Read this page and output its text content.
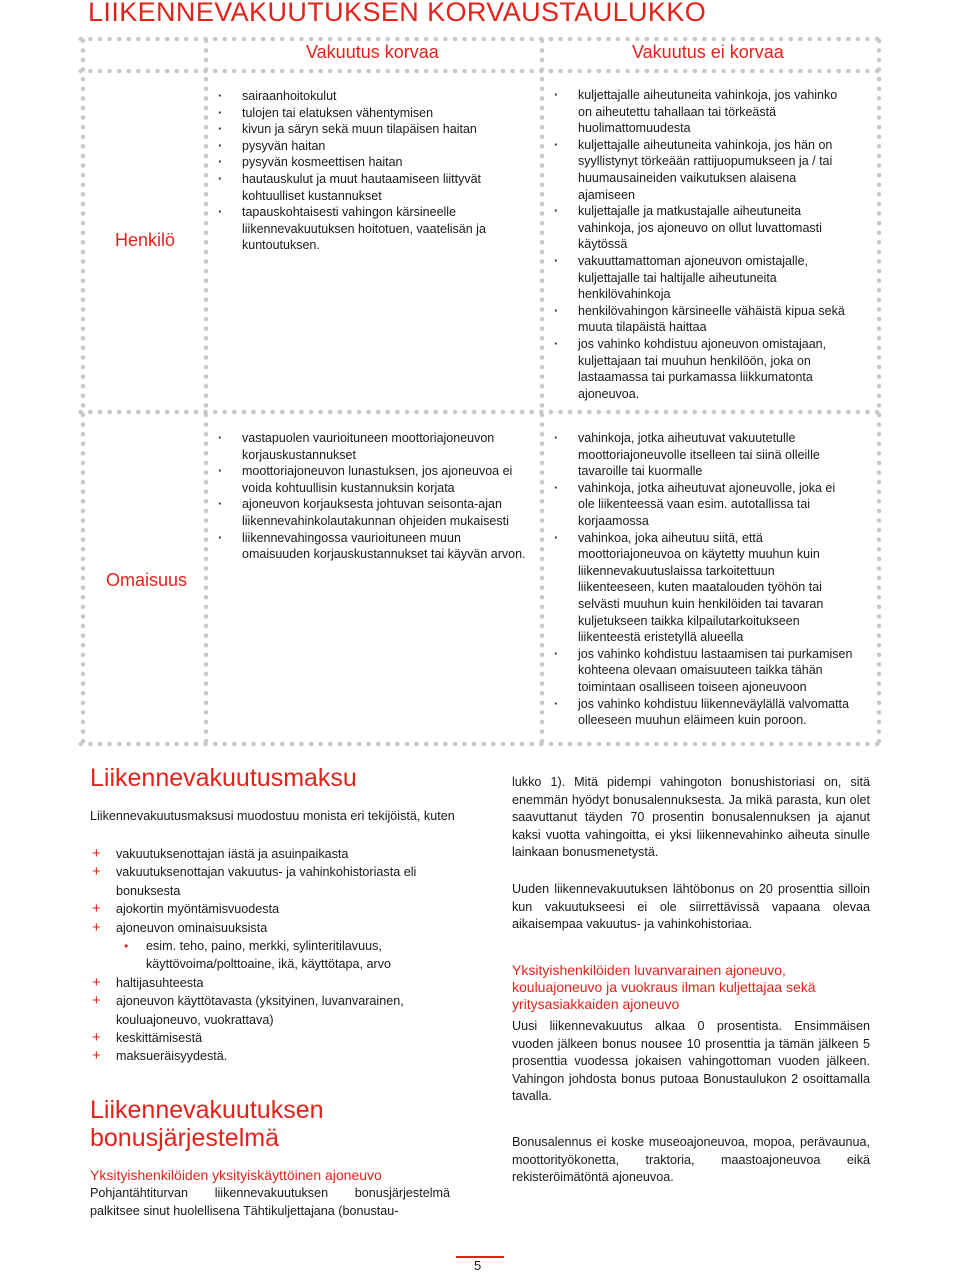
LIIKENNEVAKUUTUKSEN KORVAUSTAULUKKO
Vakuutus korvaa	Vakuutus ei korvaa
Henkilö
Omaisuus
· sairaanhoitokulut
· tulojen tai elatuksen vähentymisen
· kivun ja säryn sekä muun tilapäisen haitan
· pysyvän haitan
· pysyvän kosmeettisen haitan
· hautauskulut ja muut hautaamiseen liittyvät kohtuulliset kustannukset
· tapauskohtaisesti vahingon kärsineelle liikennevakuutuksen hoitotuen, vaatelisän ja kuntoutuksen.
· kuljettajalle aiheutuneita vahinkoja, jos vahinko on aiheutettu tahallaan tai törkeästä huolimattomuudesta
· kuljettajalle aiheutuneita vahinkoja, jos hän on syyllistynyt törkeään rattijuopumukseen ja / tai huumausaineiden vaikutuksen alaisena ajamiseen
· kuljettajalle ja matkustajalle aiheutuneita vahinkoja, jos ajoneuvo on ollut luvattomasti käytössä
· vakuuttamattoman ajoneuvon omistajalle, kuljettajalle tai haltijalle aiheutuneita henkilövahinkoja
· henkilövahingon kärsineelle vähäistä kipua sekä muuta tilapäistä haittaa
· jos vahinko kohdistuu ajoneuvon omistajaan, kuljettajaan tai muuhun henkilöön, joka on lastaamassa tai purkamassa liikkumatonta ajoneuvoa.
· vastapuolen vaurioituneen moottoriajoneuvon korjauskustannukset
· moottoriajoneuvon lunastuksen, jos ajoneuvoa ei voida kohtuullisin kustannuksin korjata
· ajoneuvon korjauksesta johtuvan seisonta-ajan liikennevahinkolautakunnan ohjeiden mukaisesti
· liikennevahingossa vaurioituneen muun omaisuuden korjauskustannukset tai käyvän arvon.
· vahinkoja, jotka aiheutuvat vakuutetulle moottoriajoneuvolle itselleen tai siinä olleille tavaroille tai kuormalle
· vahinkoja, jotka aiheutuvat ajoneuvolle, joka ei ole liikenteessä vaan esim. autotallissa tai korjaamossa
· vahinkoa, joka aiheutuu siitä, että moottoriajoneuvoa on käytetty muuhun kuin liikennevakuutuslaissa tarkoitettuun liikenteeseen, kuten maatalouden työhön tai selvästi muuhun kuin henkilöiden tai tavaran kuljetukseen taikka kilpailutarkoitukseen liikenteestä eristetyllä alueella
· jos vahinko kohdistuu lastaamisen tai purkamisen kohteena olevaan omaisuuteen taikka tähän toimintaan osalliseen toiseen ajoneuvoon
· jos vahinko kohdistuu liikenneväylällä valvomattа olleeseen muuhun eläimeen kuin poroon.
Liikennevakuutusmaksu

Liikennevakuutusmaksusi muodostuu monista eri tekijöistä, kuten

+ vakuutuksenottajan iästä ja asuinpaikasta
+ vakuutuksenottajan vakuutus- ja vahinkohistoriasta eli bonuksesta
+ ajokortin myöntämisvuodesta
+ ajoneuvon ominaisuuksista
• esim. teho, paino, merkki, sylinteritilavuus, käyttövoima/polttoaine, ikä, käyttötapa, arvo
+ haltijasuhteesta
+ ajoneuvon käyttötavasta (yksityinen, luvanvarainen, kouluajoneuvo, vuokrattava)
+ keskittämisestä
+ maksueräisyydestä.
Liikennevakuutuksen
bonusjärjestelmä
Yksityishenkilöiden yksityiskäyttöinen ajoneuvo

Pohjantähtiturvan liikennevakuutuksen bonusjärjestelmä palkitsee sinut huolellisena Tähtikuljettajana (bonustau-

lukko 1). Mitä pidempi vahingoton bonushistoriasi on, sitä enemmän hyödyt bonusalennuksesta. Ja mikä parasta, kun olet saavuttanut täyden 70 prosentin bonusalennuksen ja ajanut kaksi vuotta vahingoitta, ei yksi liikennevahinko aiheuta sinulle lainkaan bonusmenetystä.

Uuden liikennevakuutuksen lähtöbonus on 20 prosenttia silloin kun vakuutukseesi ei ole siirrettävissä vapaana olevaa aikaisempaa vakuutus- ja vahinkohistoriaa.

Yksityishenkilöiden luvanvarainen ajoneuvo, kouluajoneuvo ja vuokraus ilman kuljettajaa sekä yritysasiakkaiden ajoneuvo

Uusi liikennevakuutus alkaa 0 prosentista. Ensimmäisen vuoden jälkeen bonus nousee 10 prosenttia ja tämän jälkeen 5 prosenttia vuodessa jokaisen vahingottoman vuoden jälkeen. Vahingon johdosta bonus putoaa Bonustaulukon 2 osoittamalla tavalla.

Bonusalennus ei koske museoajoneuvoa, mopoa, perävaunua, moottorityökonetta, traktoria, maastoajoneuvoa eikä rekisteröimätöntä ajoneuvoa.

5
